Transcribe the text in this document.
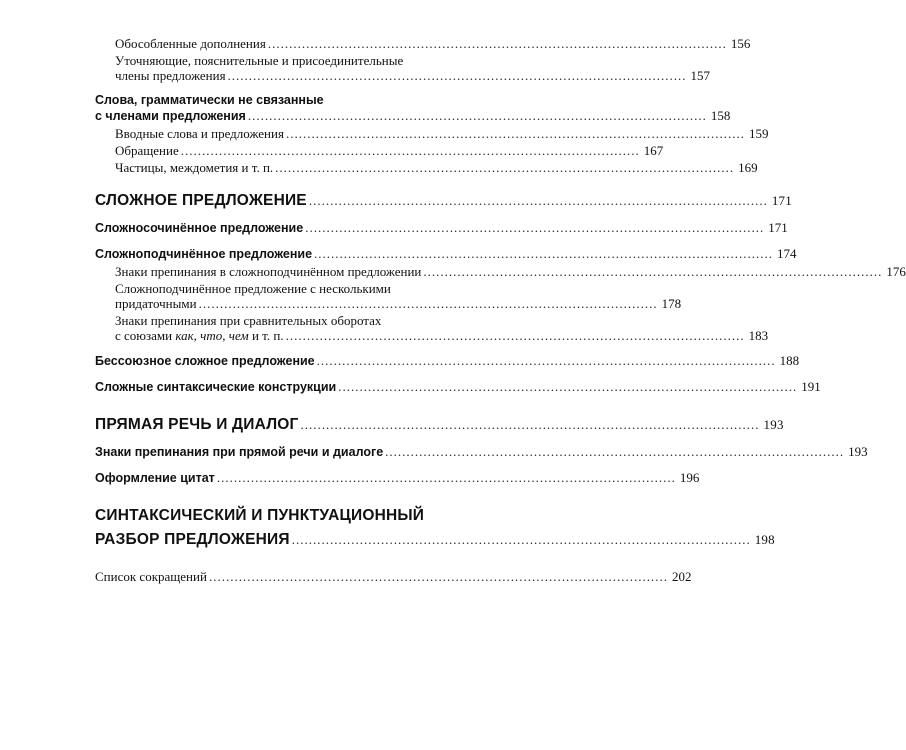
Обособленные дополнения ............................................................................................................ 156
Уточняющие, пояснительные и присоединительные
члены предложения ............................................................................................................ 157
Слова, грамматически не связанные
с членами предложения ............................................................................................................ 158
Вводные слова и предложения ............................................................................................................ 159
Обращение ............................................................................................................ 167
Частицы, междометия и т. п. ............................................................................................................ 169
СЛОЖНОЕ ПРЕДЛОЖЕНИЕ ............................................................................................................ 171
Сложносочинённое предложение ............................................................................................................ 171
Сложноподчинённое предложение ............................................................................................................ 174
Знаки препинания в сложноподчинённом предложении ............................................................................................................ 176
Сложноподчинённое предложение с несколькими
придаточными ............................................................................................................ 178
Знаки препинания при сравнительных оборотах
с союзами как, что, чем и т. п. ............................................................................................................ 183
Бессоюзное сложное предложение ............................................................................................................ 188
Сложные синтаксические конструкции ............................................................................................................ 191
ПРЯМАЯ РЕЧЬ И ДИАЛОГ ............................................................................................................ 193
Знаки препинания при прямой речи и диалоге ............................................................................................................ 193
Оформление цитат ............................................................................................................ 196
СИНТАКСИЧЕСКИЙ И ПУНКТУАЦИОННЫЙ
РАЗБОР ПРЕДЛОЖЕНИЯ ............................................................................................................ 198
Список сокращений ............................................................................................................ 202
